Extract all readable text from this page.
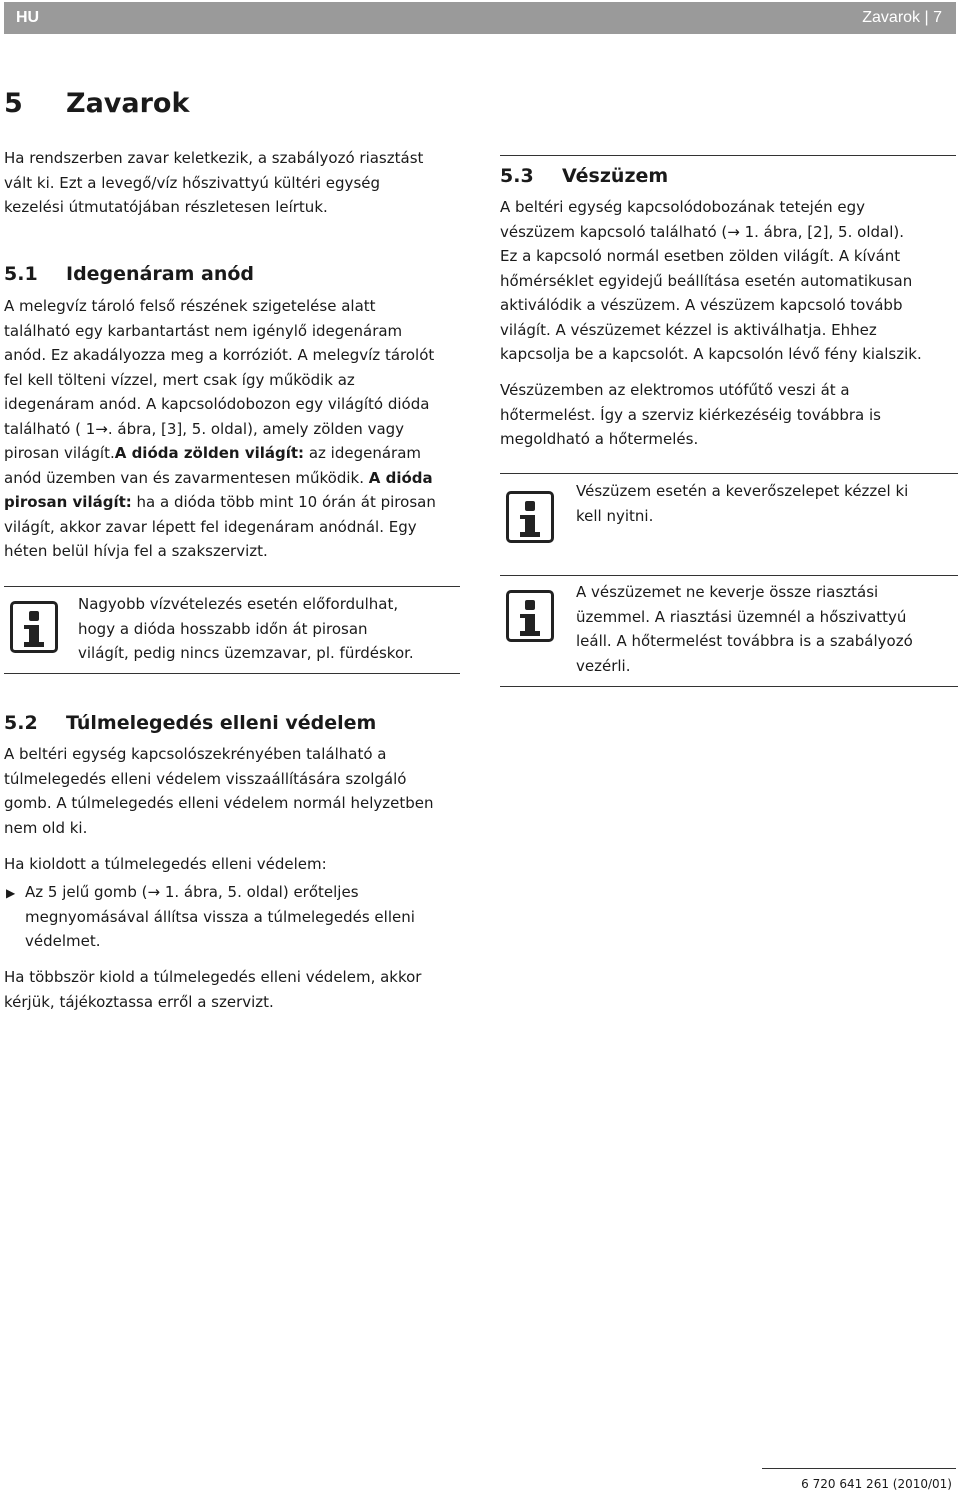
HU	Zavarok | 7
5 Zavarok
Ha rendszerben zavar keletkezik, a szabályozó riasztást
vált ki. Ezt a levegő/víz hőszivattyú kültéri egység
kezelési útmutatójában részletesen leírtuk.
5.1 Idegenáram anód
A melegvíz tároló felső részének szigetelése alatt
található egy karbantartást nem igénylő idegenáram
anód. Ez akadályozza meg a korróziót. A melegvíz tárolót
fel kell tölteni vízzel, mert csak így működik az
idegenáram anód. A kapcsolódobozon egy világító dióda
található ( 1→. ábra, [3], 5. oldal), amely zölden vagy
pirosan világít.A dióda zölden világít: az idegenáram
anód üzemben van és zavarmentesen működik. A dióda
pirosan világít: ha a dióda több mint 10 órán át pirosan
világít, akkor zavar lépett fel idegenáram anódnál. Egy
héten belül hívja fel a szakszervizt.
Nagyobb vízvételezés esetén előfordulhat,
hogy a dióda hosszabb időn át pirosan
világít, pedig nincs üzemzavar, pl. fürdéskor.
5.2 Túlmelegedés elleni védelem
A beltéri egység kapcsolószekrényében található a
túlmelegedés elleni védelem visszaállítására szolgáló
gomb. A túlmelegedés elleni védelem normál helyzetben
nem old ki.
Ha kioldott a túlmelegedés elleni védelem:
▶ Az 5 jelű gomb (→ 1. ábra, 5. oldal) erőteljes
megnyomásával állítsa vissza a túlmelegedés elleni
védelmet.
Ha többször kiold a túlmelegedés elleni védelem, akkor
kérjük, tájékoztassa erről a szervizt.
5.3 Vészüzem
A beltéri egység kapcsolódobozának tetején egy
vészüzem kapcsoló található (→ 1. ábra, [2], 5. oldal).
Ez a kapcsoló normál esetben zölden világít. A kívánt
hőmérséklet egyidejű beállítása esetén automatikusan
aktiválódik a vészüzem. A vészüzem kapcsoló tovább
világít. A vészüzemet kézzel is aktiválhatja. Ehhez
kapcsolja be a kapcsolót. A kapcsolón lévő fény kialszik.
Vészüzemben az elektromos utófűtő veszi át a
hőtermelést. Így a szerviz kiérkezéséig továbbra is
megoldható a hőtermelés.
Vészüzem esetén a keverőszelepet kézzel ki
kell nyitni.
A vészüzemet ne keverje össze riasztási
üzemmel. A riasztási üzemnél a hőszivattyú
leáll. A hőtermelést továbbra is a szabályozó
vezérli.
6 720 641 261 (2010/01)
